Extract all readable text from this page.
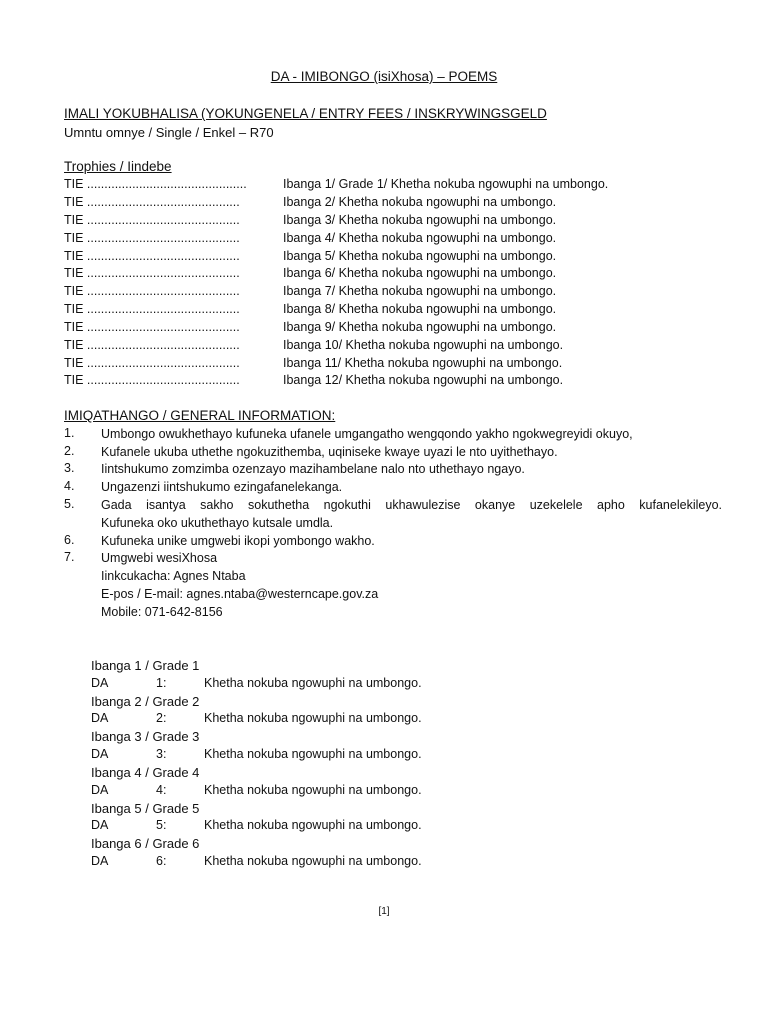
DA - IMIBONGO (isiXhosa) – POEMS
IMALI YOKUBHALISA (YOKUNGENELA / ENTRY FEES / INSKRYWINGSGELD
Umntu omnye / Single / Enkel – R70
Trophies / Iindebe
TIE ..............................................	Ibanga 1/ Grade 1/ Khetha nokuba ngowuphi na umbongo.
TIE ............................................	Ibanga 2/ Khetha nokuba ngowuphi na umbongo.
TIE ............................................	Ibanga 3/ Khetha nokuba ngowuphi na umbongo.
TIE ............................................	Ibanga 4/ Khetha nokuba ngowuphi na umbongo.
TIE ............................................	Ibanga 5/ Khetha nokuba ngowuphi na umbongo.
TIE ............................................	Ibanga 6/ Khetha nokuba ngowuphi na umbongo.
TIE ............................................	Ibanga 7/ Khetha nokuba ngowuphi na umbongo.
TIE ............................................	Ibanga 8/ Khetha nokuba ngowuphi na umbongo.
TIE ............................................	Ibanga 9/ Khetha nokuba ngowuphi na umbongo.
TIE ............................................	Ibanga 10/ Khetha nokuba ngowuphi na umbongo.
TIE ............................................	Ibanga 11/ Khetha nokuba ngowuphi na umbongo.
TIE ............................................	Ibanga 12/ Khetha nokuba ngowuphi na umbongo.
IMIQATHANGO / GENERAL INFORMATION:
1. Umbongo owukhethayo kufuneka ufanele umgangatho wengqondo yakho ngokwegreyidi okuyo,
2. Kufanele ukuba uthethe ngokuzithemba, uqiniseke kwaye uyazi le nto uyithethayo.
3. Iintshukumo zomzimba ozenzayo mazihambelane nalo nto uthethayo ngayo.
4. Ungazenzi iintshukumo ezingafanelekanga.
5. Gada isantya sakho sokuthetha ngokuthi ukhawulezise okanye uzekelele apho kufanelekileyo.
Kufuneka oko ukuthethayo kutsale umdla.
6. Kufuneka unike umgwebi ikopi yombongo wakho.
7. Umgwebi wesiXhosa
Iinkcukacha: Agnes Ntaba
E-pos / E-mail: agnes.ntaba@westerncape.gov.za
Mobile: 071-642-8156
Ibanga 1 / Grade 1
DA	1:	Khetha nokuba ngowuphi na umbongo.
Ibanga 2 / Grade 2
DA	2:	Khetha nokuba ngowuphi na umbongo.
Ibanga 3 / Grade 3
DA	3:	Khetha nokuba ngowuphi na umbongo.
Ibanga 4 / Grade 4
DA	4:	Khetha nokuba ngowuphi na umbongo.
Ibanga 5 / Grade 5
DA	5:	Khetha nokuba ngowuphi na umbongo.
Ibanga 6 / Grade 6
DA	6:	Khetha nokuba ngowuphi na umbongo.
[1]
